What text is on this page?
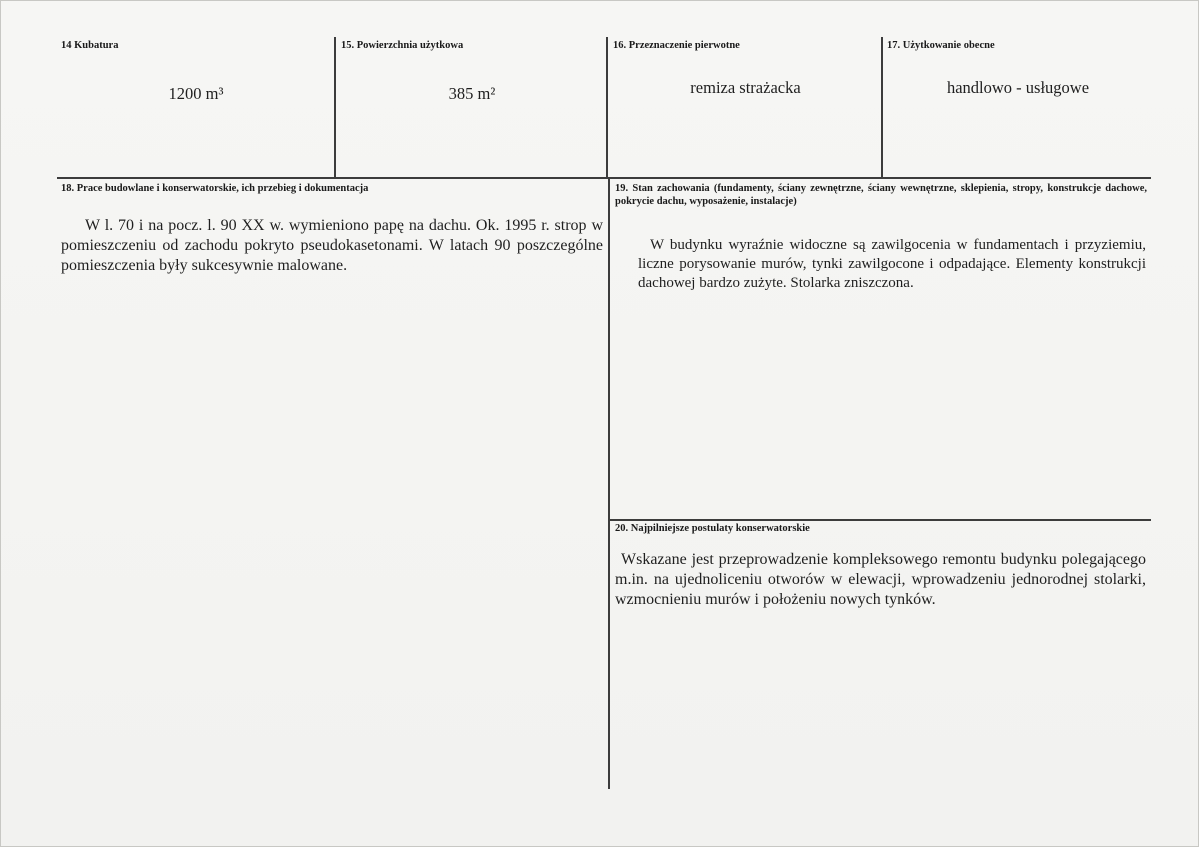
14 Kubatura
1200 m³
15. Powierzchnia użytkowa
385 m²
16. Przeznaczenie pierwotne
remiza strażacka
17. Użytkowanie obecne
handlowo - usługowe
18. Prace budowlane i konserwatorskie, ich przebieg i dokumentacja
W l. 70 i na pocz. l. 90 XX w. wymieniono papę na dachu. Ok. 1995 r. strop w pomieszczeniu od zachodu pokryto pseudokasetonami. W latach 90 poszczególne pomieszczenia były sukcesywnie malowane.
19. Stan zachowania (fundamenty, ściany zewnętrzne, ściany wewnętrzne, sklepienia, stropy, konstrukcje dachowe, pokrycie dachu, wyposażenie, instalacje)
W budynku wyraźnie widoczne są zawilgocenia w fundamentach i przyziemiu, liczne porysowanie murów, tynki zawilgocone i odpadające. Elementy konstrukcji dachowej bardzo zużyte. Stolarka zniszczona.
20. Najpilniejsze postulaty konserwatorskie
Wskazane jest przeprowadzenie kompleksowego remontu budynku polegającego m.in. na ujednoliceniu otworów w elewacji, wprowadzeniu jednorodnej stolarki, wzmocnieniu murów i położeniu nowych tynków.
